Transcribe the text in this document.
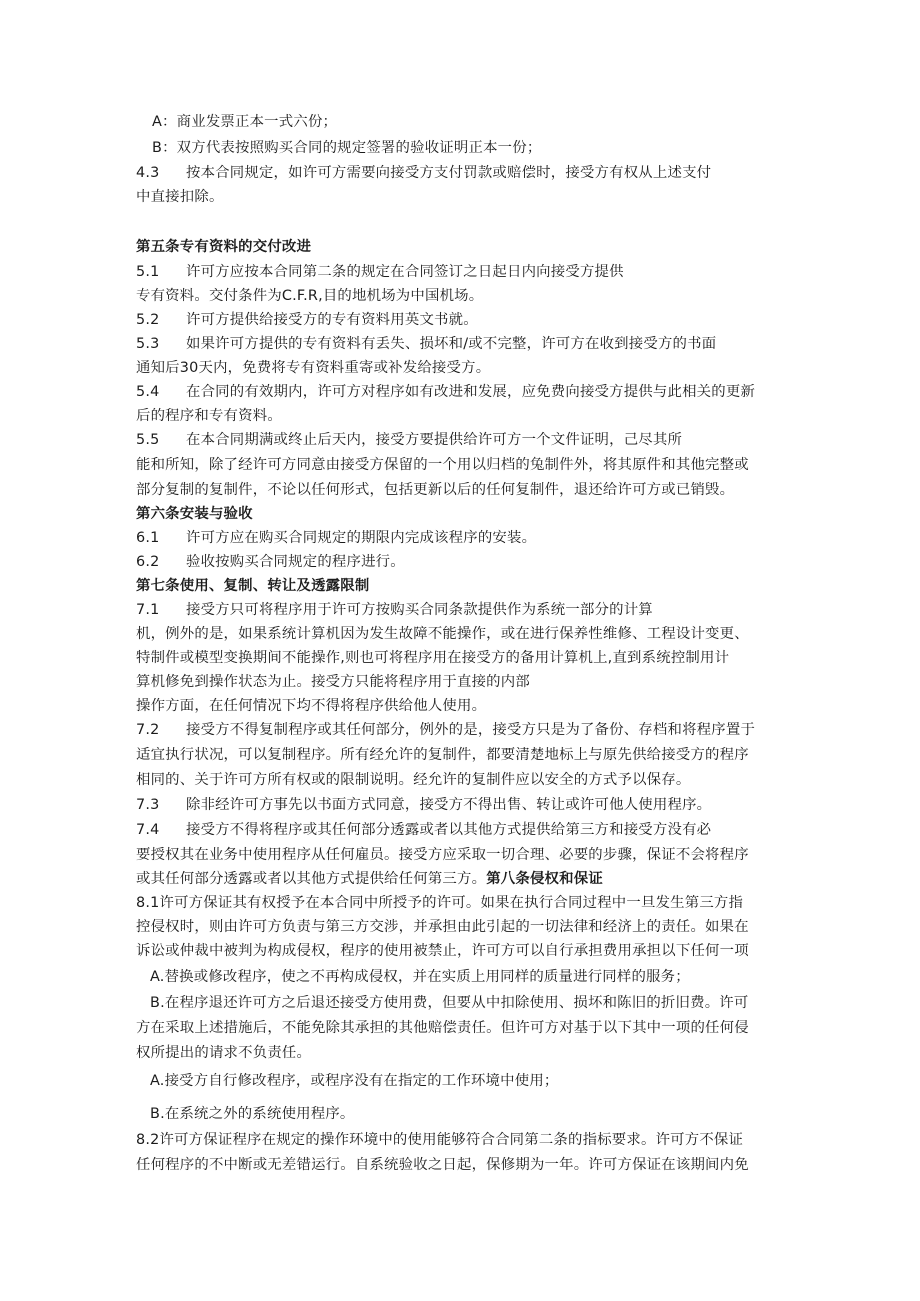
A：商业发票正本一式六份；
B：双方代表按照购买合同的规定签署的验收证明正本一份；
4.3 按本合同规定，如许可方需要向接受方支付罚款或赔偿时，接受方有权从上述支付
中直接扣除。
第五条专有资料的交付改进
5.1 许可方应按本合同第二条的规定在合同签订之日起日内向接受方提供
专有资料。交付条件为C.F.R,目的地机场为中国机场。
5.2 许可方提供给接受方的专有资料用英文书就。
5.3 如果许可方提供的专有资料有丢失、损坏和/或不完整，许可方在收到接受方的书面
通知后30天内，免费将专有资料重寄或补发给接受方。
5.4 在合同的有效期内，许可方对程序如有改进和发展，应免费向接受方提供与此相关的更新
后的程序和专有资料。
5.5 在本合同期满或终止后天内，接受方要提供给许可方一个文件证明，己尽其所
能和所知，除了经许可方同意由接受方保留的一个用以归档的兔制件外，将其原件和其他完整或
部分复制的复制件，不论以任何形式，包括更新以后的任何复制件，退还给许可方或已销毁。
第六条安装与验收
6.1 许可方应在购买合同规定的期限内完成该程序的安装。
6.2 验收按购买合同规定的程序进行。
第七条使用、复制、转让及透露限制
7.1 接受方只可将程序用于许可方按购买合同条款提供作为系统一部分的计算
机，例外的是，如果系统计算机因为发生故障不能操作，或在进行保养性维修、工程设计变更、
特制件或模型变换期间不能操作,则也可将程序用在接受方的备用计算机上,直到系统控制用计
算机修免到操作状态为止。接受方只能将程序用于直接的内部
操作方面，在任何情况下均不得将程序供给他人使用。
7.2 接受方不得复制程序或其任何部分，例外的是，接受方只是为了备份、存档和将程序置于
适宜执行状况，可以复制程序。所有经允许的复制件，都要清楚地标上与原先供给接受方的程序
相同的、关于许可方所有权或的限制说明。经允许的复制件应以安全的方式予以保存。
7.3 除非经许可方事先以书面方式同意，接受方不得出售、转让或许可他人使用程序。
7.4 接受方不得将程序或其任何部分透露或者以其他方式提供给第三方和接受方没有必
要授权其在业务中使用程序从任何雇员。接受方应采取一切合理、必要的步骤，保证不会将程序
或其任何部分透露或者以其他方式提供给任何第三方。第八条侵权和保证
8.1许可方保证其有权授予在本合同中所授予的许可。如果在执行合同过程中一旦发生第三方指
控侵权时，则由许可方负责与第三方交涉，并承担由此引起的一切法律和经济上的责任。如果在
诉讼或仲裁中被判为构成侵权，程序的使用被禁止，许可方可以自行承担费用承担以下任何一项
A.替换或修改程序，使之不再构成侵权，并在实质上用同样的质量进行同样的服务；
B.在程序退还许可方之后退还接受方使用费，但要从中扣除使用、损坏和陈旧的折旧费。许可
方在采取上述措施后，不能免除其承担的其他赔偿责任。但许可方对基于以下其中一项的任何侵
权所提出的请求不负责任。
A.接受方自行修改程序，或程序没有在指定的工作环境中使用；
B.在系统之外的系统使用程序。
8.2许可方保证程序在规定的操作环境中的使用能够符合合同第二条的指标要求。许可方不保证
任何程序的不中断或无差错运行。自系统验收之日起，保修期为一年。许可方保证在该期间内免
